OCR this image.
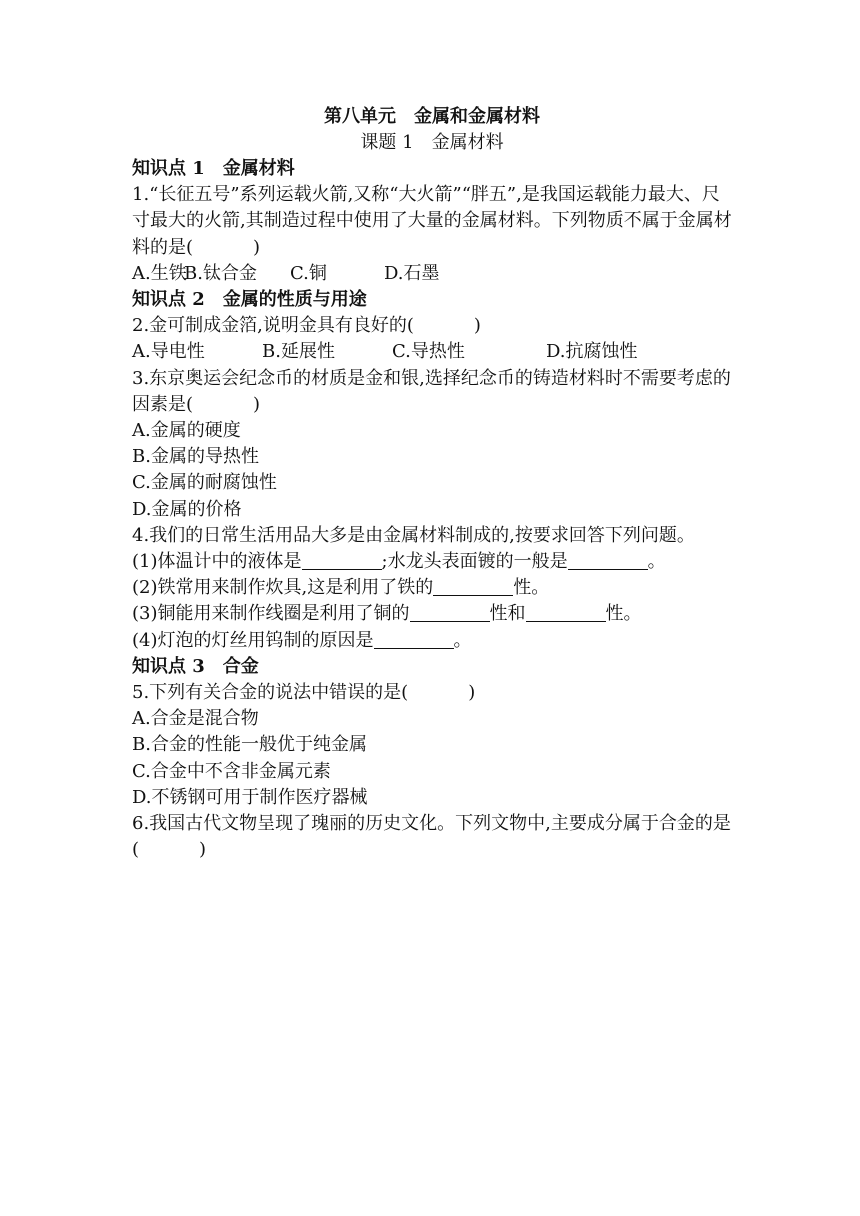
第八单元　金属和金属材料
课题 1　金属材料
知识点 1　金属材料
1.“长征五号”系列运载火箭,又称“大火箭”“胖五”,是我国运载能力最大、尺寸最大的火箭,其制造过程中使用了大量的金属材料。下列物质不属于金属材料的是(	)
A.生铁B.钛合金 C.铜	D.石墨
知识点 2　金属的性质与用途
2.金可制成金箔,说明金具有良好的(	)
A.导电性	B.延展性	C.导热性	D.抗腐蚀性
3.东京奥运会纪念币的材质是金和银,选择纪念币的铸造材料时不需要考虑的因素是(	)
A.金属的硬度
B.金属的导热性
C.金属的耐腐蚀性
D.金属的价格
4.我们的日常生活用品大多是由金属材料制成的,按要求回答下列问题。
(1)体温计中的液体是	;水龙头表面镀的一般是	。
(2)铁常用来制作炊具,这是利用了铁的	性。
(3)铜能用来制作线圈是利用了铜的	性和	性。
(4)灯泡的灯丝用钨制的原因是	。
知识点 3　合金
5.下列有关合金的说法中错误的是(	)
A.合金是混合物
B.合金的性能一般优于纯金属
C.合金中不含非金属元素
D.不锈钢可用于制作医疗器械
6.我国古代文物呈现了瑰丽的历史文化。下列文物中,主要成分属于合金的是(	)
